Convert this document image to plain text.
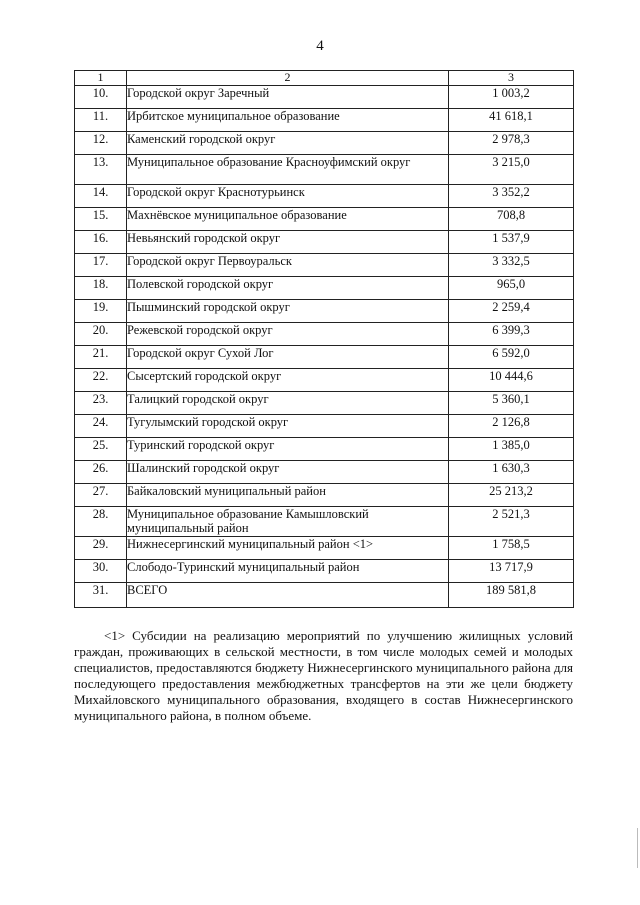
4
1	2	3
10.	Городской округ Заречный	1 003,2
11.	Ирбитское муниципальное образование	41 618,1
12.	Каменский городской округ	2 978,3
13.	Муниципальное образование Красноуфимский округ	3 215,0
14.	Городской округ Краснотурьинск	3 352,2
15.	Махнёвское муниципальное образование	708,8
16.	Невьянский городской округ	1 537,9
17.	Городской округ Первоуральск	3 332,5
18.	Полевской городской округ	965,0
19.	Пышминский городской округ	2 259,4
20.	Режевской городской округ	6 399,3
21.	Городской округ Сухой Лог	6 592,0
22.	Сысертский городской округ	10 444,6
23.	Талицкий городской округ	5 360,1
24.	Тугулымский городской округ	2 126,8
25.	Туринский городской округ	1 385,0
26.	Шалинский городской округ	1 630,3
27.	Байкаловский муниципальный район	25 213,2
28.	Муниципальное образование Камышловский муниципальный район	2 521,3
29.	Нижнесергинский муниципальный район <1>	1 758,5
30.	Слободо-Туринский муниципальный район	13 717,9
31.	ВСЕГО	189 581,8
<1> Субсидии на реализацию мероприятий по улучшению жилищных условий граждан, проживающих в сельской местности, в том числе молодых семей и молодых специалистов, предоставляются бюджету Нижнесергинского муниципального района для последующего предоставления межбюджетных трансфертов на эти же цели бюджету Михайловского муниципального образования, входящего в состав Нижнесергинского муниципального района, в полном объеме.
